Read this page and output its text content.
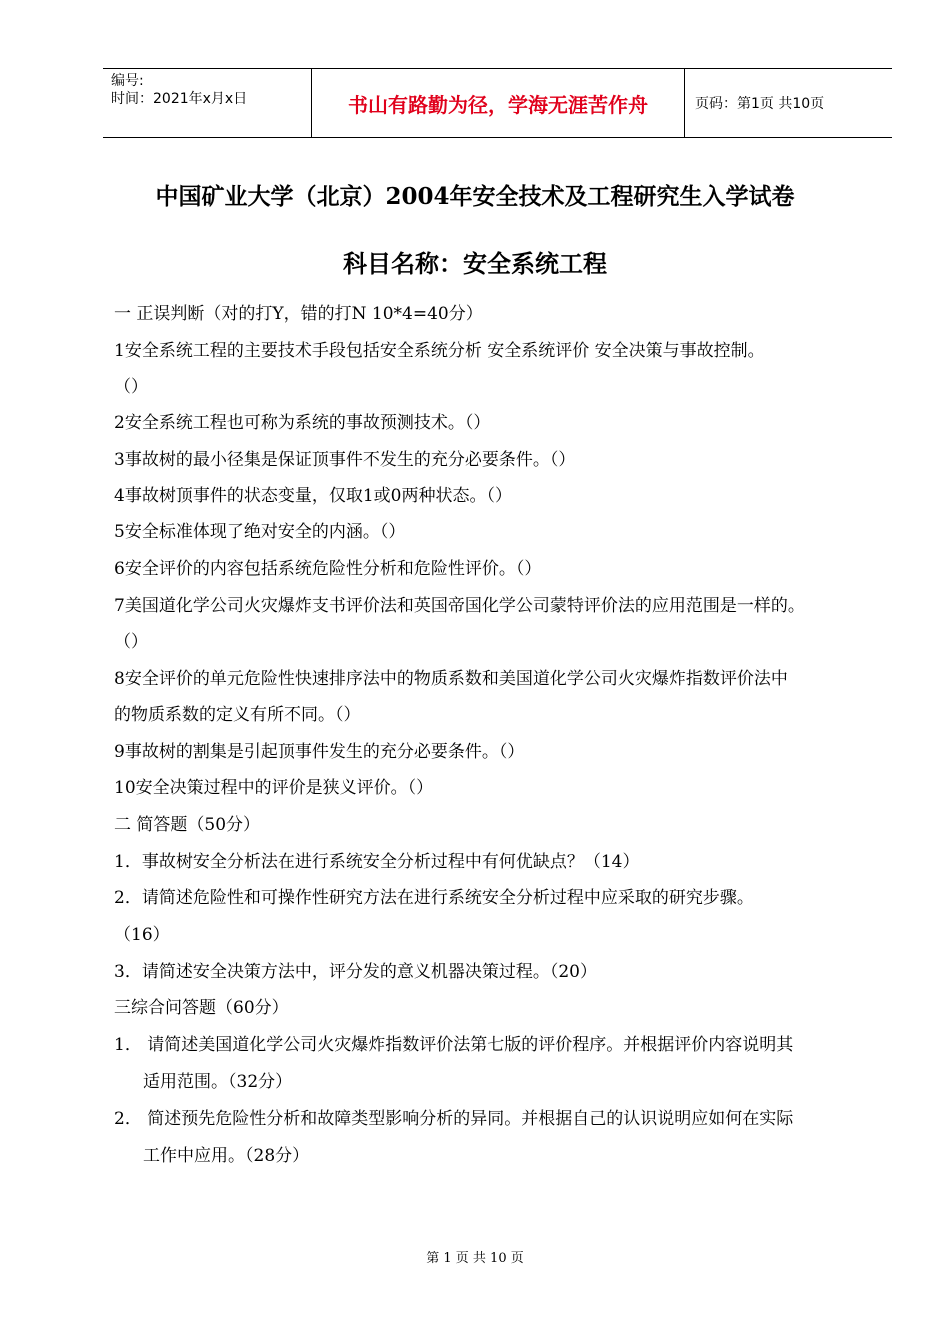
编号:
时间：2021年x月x日	书山有路勤为径，学海无涯苦作舟	页码：第1页 共10页
中国矿业大学（北京）2004年安全技术及工程研究生入学试卷
科目名称：安全系统工程
一 正误判断（对的打Y，错的打N 10*4=40分）
1安全系统工程的主要技术手段包括安全系统分析 安全系统评价 安全决策与事故控制。
（）
2安全系统工程也可称为系统的事故预测技术。（）
3事故树的最小径集是保证顶事件不发生的充分必要条件。（）
4事故树顶事件的状态变量，仅取1或0两种状态。（）
5安全标准体现了绝对安全的内涵。（）
6安全评价的内容包括系统危险性分析和危险性评价。（）
7美国道化学公司火灾爆炸支书评价法和英国帝国化学公司蒙特评价法的应用范围是一样的。
（）
8安全评价的单元危险性快速排序法中的物质系数和美国道化学公司火灾爆炸指数评价法中
的物质系数的定义有所不同。（）
9事故树的割集是引起顶事件发生的充分必要条件。（）
10安全决策过程中的评价是狭义评价。（）
二 简答题（50分）
1．事故树安全分析法在进行系统安全分析过程中有何优缺点？（14）
2．请简述危险性和可操作性研究方法在进行系统安全分析过程中应采取的研究步骤。
（16）
3．请简述安全决策方法中，评分发的意义机器决策过程。（20）
三综合问答题（60分）
1． 请简述美国道化学公司火灾爆炸指数评价法第七版的评价程序。并根据评价内容说明其
适用范围。（32分）
2． 简述预先危险性分析和故障类型影响分析的异同。并根据自己的认识说明应如何在实际
工作中应用。（28分）
第 1 页 共 10 页
